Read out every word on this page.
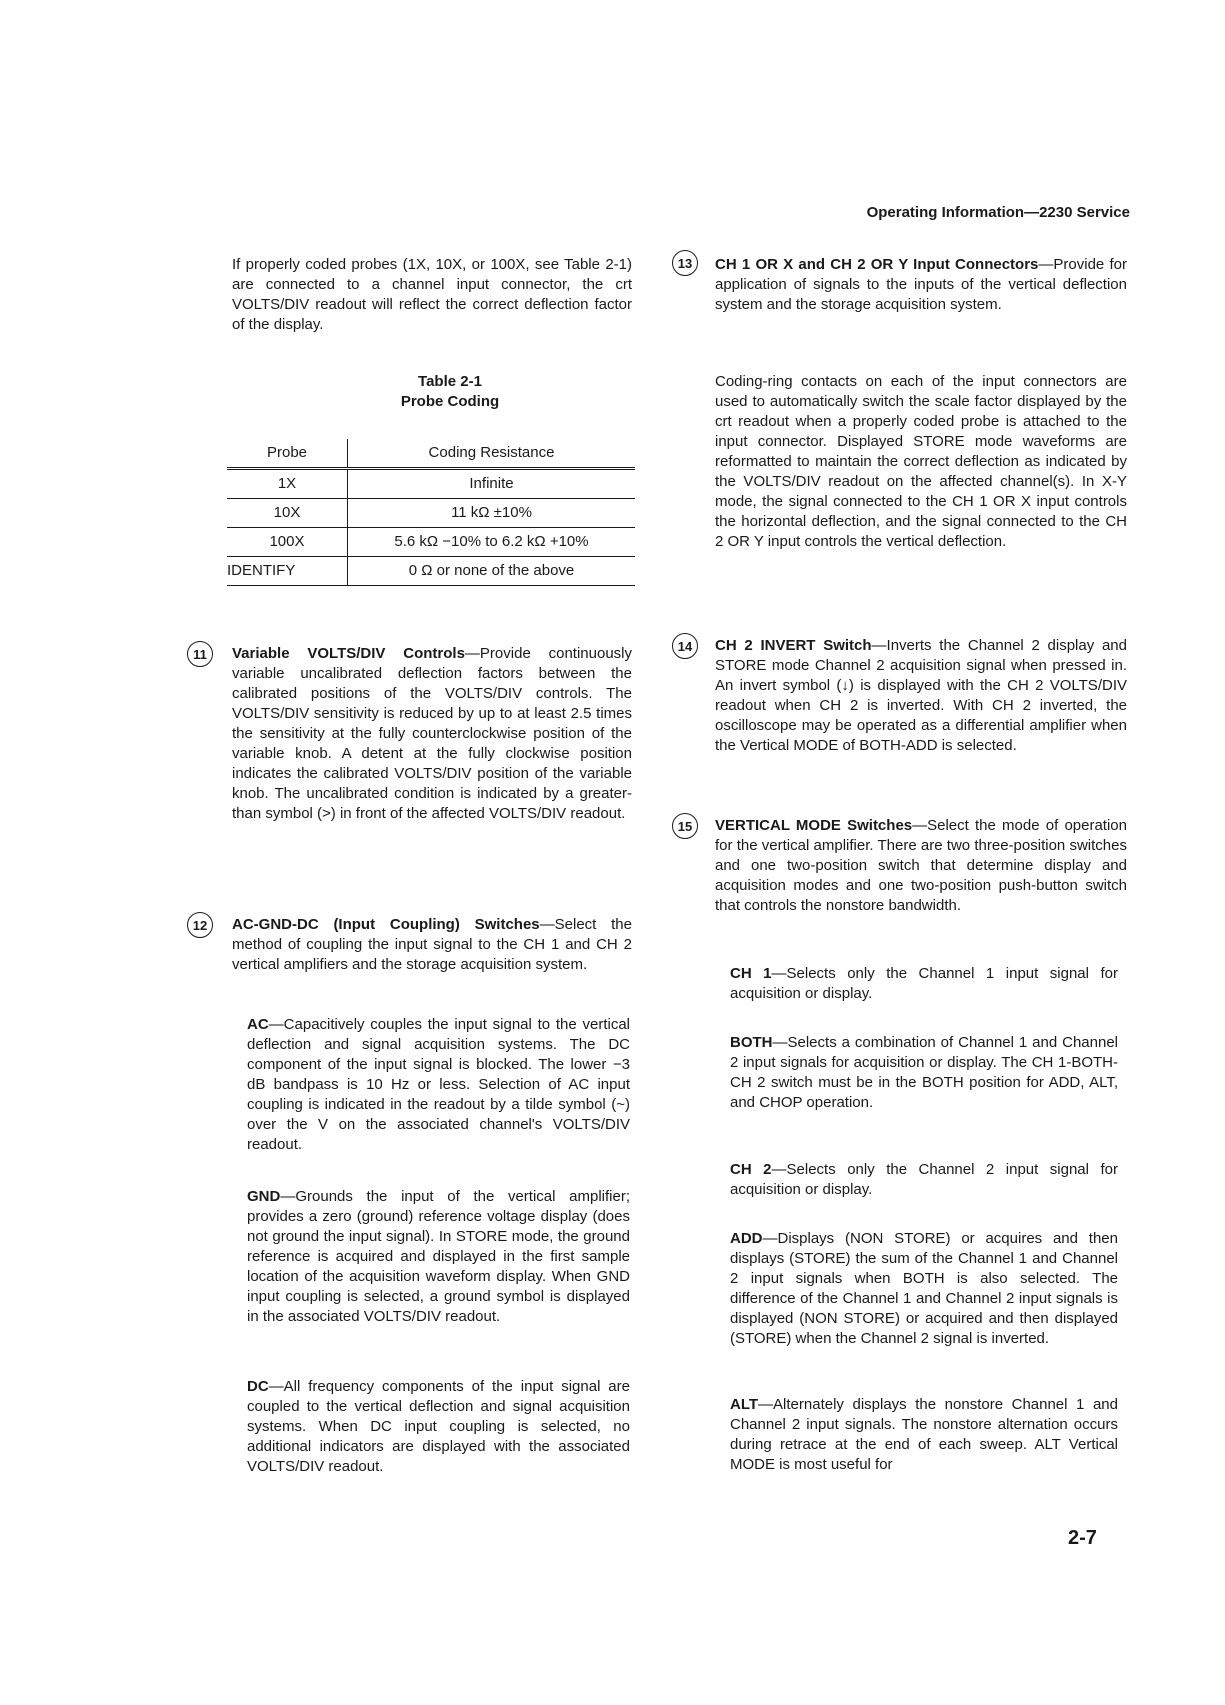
Operating Information—2230 Service

If properly coded probes (1X, 10X, or 100X, see Table 2-1) are connected to a channel input connector, the crt VOLTS/DIV readout will reflect the correct deflection factor of the display.

Table 2-1
Probe Coding
Probe	Coding Resistance
1X	Infinite
10X	11 kΩ ±10%
100X	5.6 kΩ −10% to 6.2 kΩ +10%
IDENTIFY	0 Ω or none of the above
11	Variable VOLTS/DIV Controls—Provide continuously variable uncalibrated deflection factors between the calibrated positions of the VOLTS/DIV controls. The VOLTS/DIV sensitivity is reduced by up to at least 2.5 times the sensitivity at the fully counterclockwise position of the variable knob. A detent at the fully clockwise position indicates the calibrated VOLTS/DIV position of the variable knob. The uncalibrated condition is indicated by a greater-than symbol (>) in front of the affected VOLTS/DIV readout.

12	AC-GND-DC (Input Coupling) Switches—Select the method of coupling the input signal to the CH 1 and CH 2 vertical amplifiers and the storage acquisition system.

AC—Capacitively couples the input signal to the vertical deflection and signal acquisition systems. The DC component of the input signal is blocked. The lower −3 dB bandpass is 10 Hz or less. Selection of AC input coupling is indicated in the readout by a tilde symbol (~) over the V on the associated channel's VOLTS/DIV readout.

GND—Grounds the input of the vertical amplifier; provides a zero (ground) reference voltage display (does not ground the input signal). In STORE mode, the ground reference is acquired and displayed in the first sample location of the acquisition waveform display. When GND input coupling is selected, a ground symbol is displayed in the associated VOLTS/DIV readout.

DC—All frequency components of the input signal are coupled to the vertical deflection and signal acquisition systems. When DC input coupling is selected, no additional indicators are displayed with the associated VOLTS/DIV readout.

13	CH 1 OR X and CH 2 OR Y Input Connectors—Provide for application of signals to the inputs of the vertical deflection system and the storage acquisition system.

Coding-ring contacts on each of the input connectors are used to automatically switch the scale factor displayed by the crt readout when a properly coded probe is attached to the input connector. Displayed STORE mode waveforms are reformatted to maintain the correct deflection as indicated by the VOLTS/DIV readout on the affected channel(s). In X-Y mode, the signal connected to the CH 1 OR X input controls the horizontal deflection, and the signal connected to the CH 2 OR Y input controls the vertical deflection.

14	CH 2 INVERT Switch—Inverts the Channel 2 display and STORE mode Channel 2 acquisition signal when pressed in. An invert symbol (↓) is displayed with the CH 2 VOLTS/DIV readout when CH 2 is inverted. With CH 2 inverted, the oscilloscope may be operated as a differential amplifier when the Vertical MODE of BOTH-ADD is selected.

15	VERTICAL MODE Switches—Select the mode of operation for the vertical amplifier. There are two three-position switches and one two-position switch that determine display and acquisition modes and one two-position push-button switch that controls the nonstore bandwidth.

CH 1—Selects only the Channel 1 input signal for acquisition or display.

BOTH—Selects a combination of Channel 1 and Channel 2 input signals for acquisition or display. The CH 1-BOTH-CH 2 switch must be in the BOTH position for ADD, ALT, and CHOP operation.

CH 2—Selects only the Channel 2 input signal for acquisition or display.

ADD—Displays (NON STORE) or acquires and then displays (STORE) the sum of the Channel 1 and Channel 2 input signals when BOTH is also selected. The difference of the Channel 1 and Channel 2 input signals is displayed (NON STORE) or acquired and then displayed (STORE) when the Channel 2 signal is inverted.

ALT—Alternately displays the nonstore Channel 1 and Channel 2 input signals. The nonstore alternation occurs during retrace at the end of each sweep. ALT Vertical MODE is most useful for

2-7
